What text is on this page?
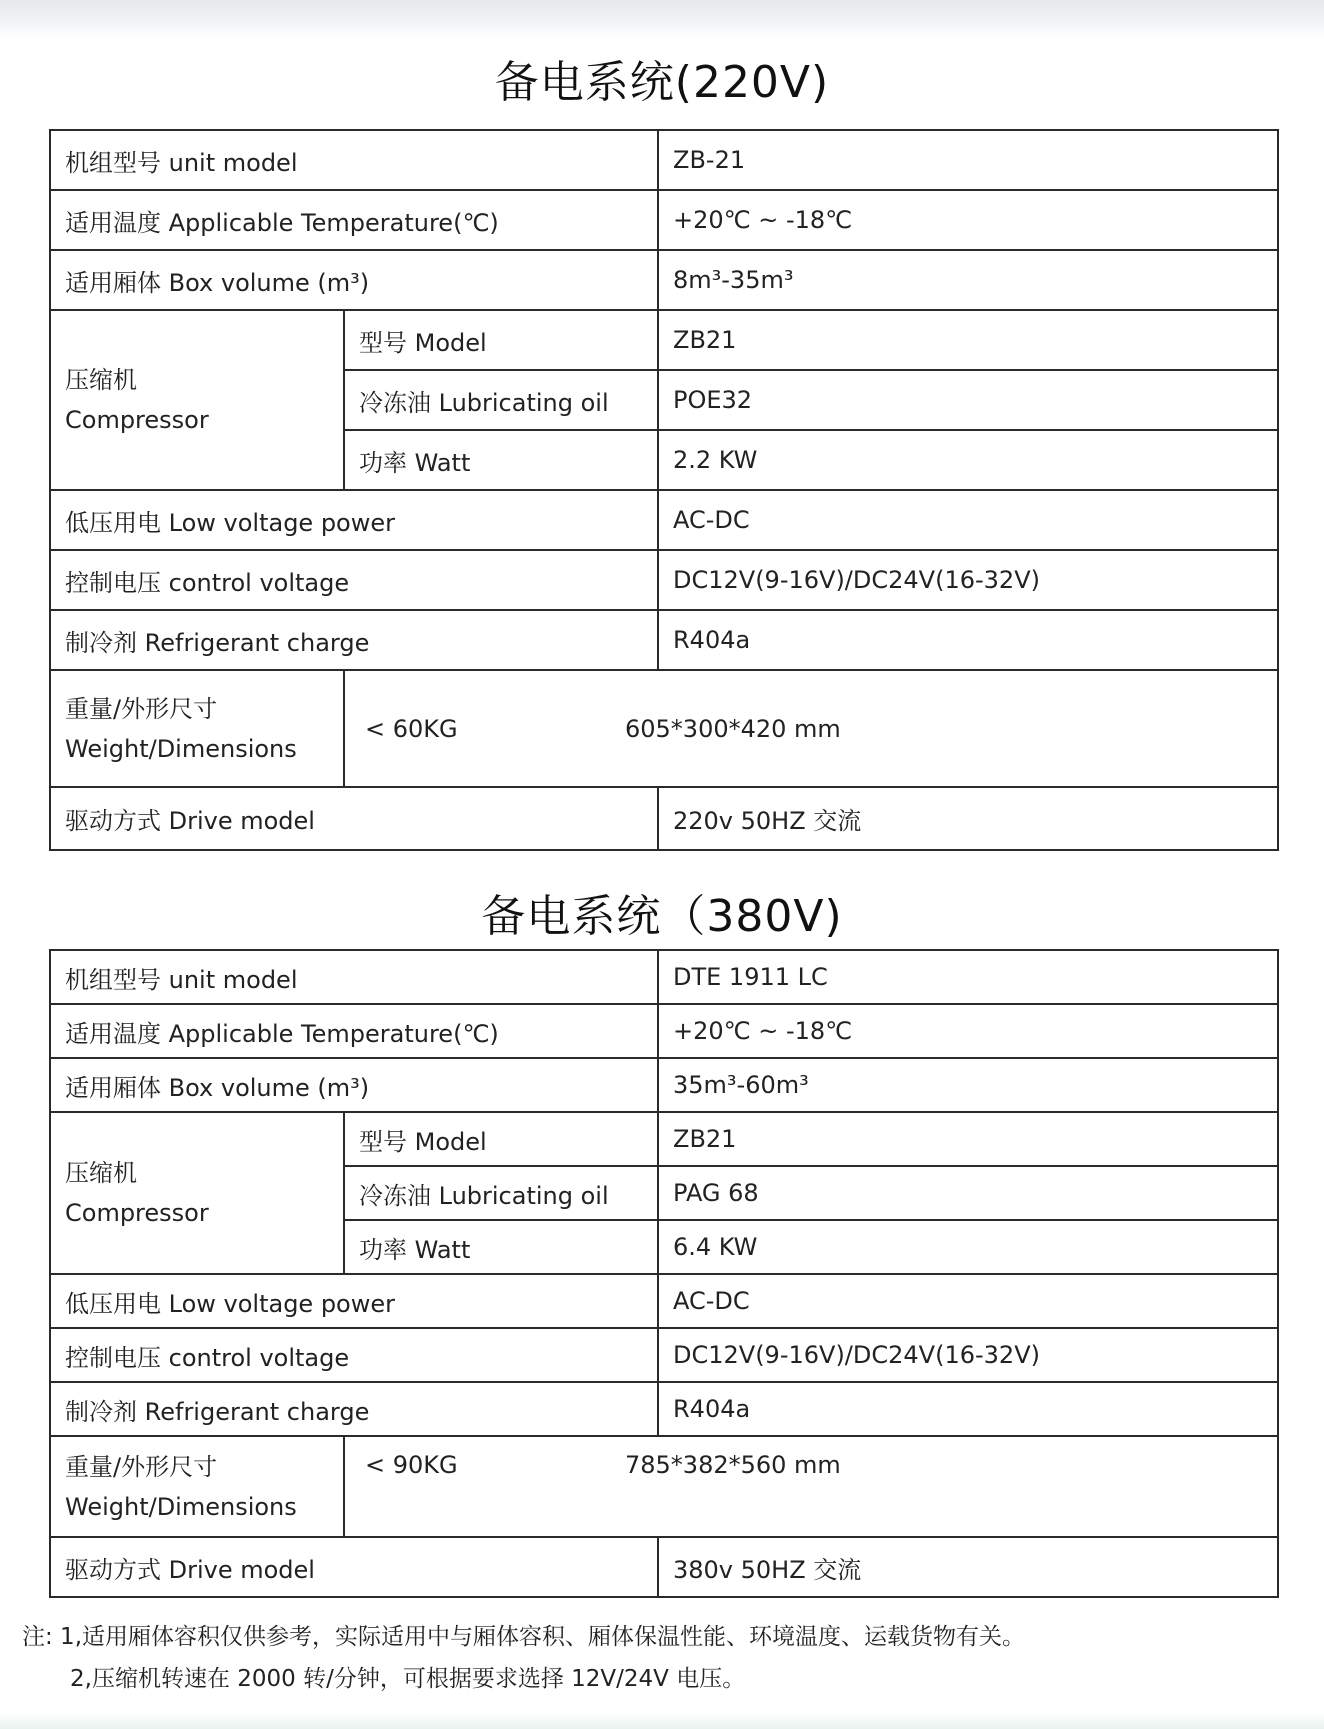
备电系统(220V)
机组型号 unit model		ZB-21
适用温度 Applicable Temperature(℃)		+20℃ ~ -18℃
适用厢体 Box volume (m³)		8m³-35m³

压缩机
Compressor	型号 Model	ZB21
	冷冻油 Lubricating oil	POE32
	功率 Watt	2.2 KW
低压用电 Low voltage power		AC-DC
控制电压 control voltage		DC12V(9-16V)/DC24V(16-32V)
制冷剂 Refrigerant charge		R404a

重量/外形尺寸
Weight/Dimensions	< 60KG 605*300*420 mm	
驱动方式 Drive model		220v 50HZ 交流
备电系统（380V)
机组型号 unit model		DTE 1911 LC
适用温度 Applicable Temperature(℃)		+20℃ ~ -18℃
适用厢体 Box volume (m³)		35m³-60m³

压缩机
Compressor	型号 Model	ZB21
	冷冻油 Lubricating oil	PAG 68
	功率 Watt	6.4 KW
低压用电 Low voltage power		AC-DC
控制电压 control voltage		DC12V(9-16V)/DC24V(16-32V)
制冷剂 Refrigerant charge		R404a

重量/外形尺寸
Weight/Dimensions	< 90KG 785*382*560 mm	
驱动方式 Drive model		380v 50HZ 交流
注: 1,适用厢体容积仅供参考，实际适用中与厢体容积、厢体保温性能、环境温度、运载货物有关。
2,压缩机转速在 2000 转/分钟，可根据要求选择 12V/24V 电压。
